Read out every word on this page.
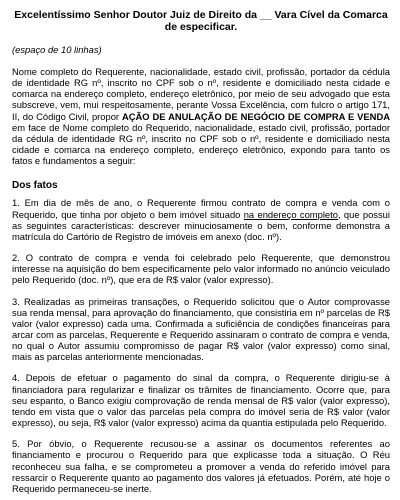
Excelentíssimo Senhor Doutor Juiz de Direito da __ Vara Cível da Comarca
de especificar.

(espaço de 10 linhas)

Nome completo do Requerente, nacionalidade, estado civil, profissão, portador da cédula de identidade RG nº, inscrito no CPF sob o nº, residente e domiciliado nesta cidade e comarca na endereço completo, endereço eletrônico, por meio de seu advogado que esta subscreve, vem, mui respeitosamente, perante Vossa Excelência, com fulcro o artigo 171, II, do Código Civil, propor AÇÃO DE ANULAÇÃO DE NEGÓCIO DE COMPRA E VENDA em face de Nome completo do Requerido, nacionalidade, estado civil, profissão, portador da cédula de identidade RG nº, inscrito no CPF sob o nº, residente e domiciliado nesta cidade e comarca na endereço completo, endereço eletrônico, expondo para tanto os fatos e fundamentos a seguir:

Dos fatos

1. Em dia de mês de ano, o Requerente firmou contrato de compra e venda com o Requerido, que tinha por objeto o bem imóvel situado na endereço completo, que possui as seguintes características: descrever minuciosamente o bem, conforme demonstra a matrícula do Cartório de Registro de imóveis em anexo (doc. nº).

2. O contrato de compra e venda foi celebrado pelo Requerente, que demonstrou interesse na aquisição do bem especificamente pelo valor informado no anúncio veiculado pelo Requerido (doc. nº), que era de R$ valor (valor expresso).

3. Realizadas as primeiras transações, o Requerido solicitou que o Autor comprovasse sua renda mensal, para aprovação do financiamento, que consistiria em nº parcelas de R$ valor (valor expresso) cada uma. Confirmada a suficiência de condições financeiras para arcar com as parcelas, Requerente e Requerido assinaram o contrato de compra e venda, no qual o Autor assumiu compromisso de pagar R$ valor (valor expresso) como sinal, mais as parcelas anteriormente mencionadas.

4. Depois de efetuar o pagamento do sinal da compra, o Requerente dirigiu-se à financiadora para regularizar e finalizar os trâmites de financiamento. Ocorre que, para seu espanto, o Banco exigiu comprovação de renda mensal de R$ valor (valor expresso), tendo em vista que o valor das parcelas pela compra do imóvel seria de R$ valor (valor expresso), ou seja, R$ valor (valor expresso) acima da quantia estipulada pelo Requerido.

5. Por óbvio, o Requerente recusou-se a assinar os documentos referentes ao financiamento e procurou o Requerido para que explicasse toda a situação. O Réu reconheceu sua falha, e se comprometeu a promover a venda do referido imóvel para ressarcir o Requerente quanto ao pagamento dos valores já efetuados. Porém, até hoje o Requerido permaneceu-se inerte.
